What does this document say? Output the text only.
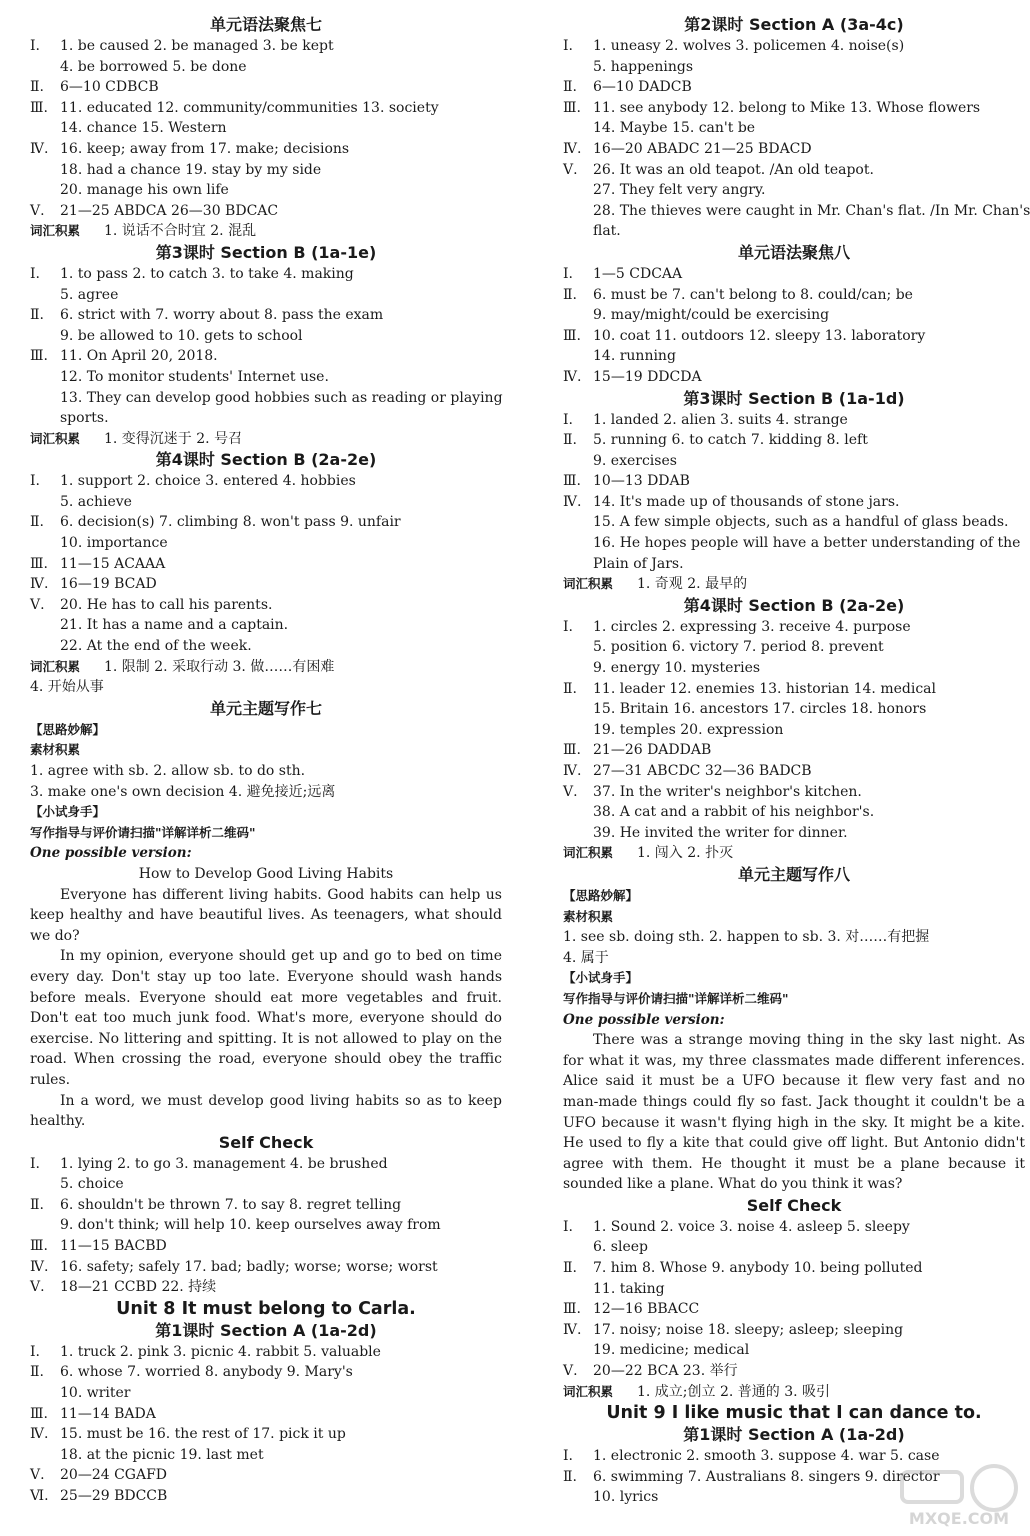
单元语法聚焦七
Ⅰ. 1. be caused 2. be managed 3. be kept
4. be borrowed 5. be done
Ⅱ. 6—10 CDBCB
Ⅲ. 11. educated 12. community/communities 13. society
14. chance 15. Western
Ⅳ. 16. keep; away from 17. make; decisions
18. had a chance 19. stay by my side
20. manage his own life
Ⅴ. 21—25 ABDCA 26—30 BDCAC
词汇积累 1. 说话不合时宜 2. 混乱
第3课时 Section B (1a-1e)
Ⅰ. 1. to pass 2. to catch 3. to take 4. making
5. agree
Ⅱ. 6. strict with 7. worry about 8. pass the exam
9. be allowed to 10. gets to school
Ⅲ. 11. On April 20, 2018.
12. To monitor students' Internet use.
13. They can develop good hobbies such as reading or playing
sports.
词汇积累 1. 变得沉迷于 2. 号召
第4课时 Section B (2a-2e)
Ⅰ. 1. support 2. choice 3. entered 4. hobbies
5. achieve
Ⅱ. 6. decision(s) 7. climbing 8. won't pass 9. unfair
10. importance
Ⅲ. 11—15 ACAAA
Ⅳ. 16—19 BCAD
Ⅴ. 20. He has to call his parents.
21. It has a name and a captain.
22. At the end of the week.
词汇积累 1. 限制 2. 采取行动 3. 做……有困难
4. 开始从事
单元主题写作七
【思路妙解】
素材积累
1. agree with sb. 2. allow sb. to do sth.
3. make one's own decision 4. 避免接近;远离
【小试身手】
写作指导与评价请扫描"详解详析二维码"
One possible version:
How to Develop Good Living Habits
Everyone has different living habits. Good habits can help us keep healthy and have beautiful lives. As teenagers, what should we do?
In my opinion, everyone should get up and go to bed on time every day. Don't stay up too late. Everyone should wash hands before meals. Everyone should eat more vegetables and fruit. Don't eat too much junk food. What's more, everyone should do exercise. No littering and spitting. It is not allowed to play on the road. When crossing the road, everyone should obey the traffic rules.
In a word, we must develop good living habits so as to keep healthy.
Self Check
Ⅰ. 1. lying 2. to go 3. management 4. be brushed
5. choice
Ⅱ. 6. shouldn't be thrown 7. to say 8. regret telling
9. don't think; will help 10. keep ourselves away from
Ⅲ. 11—15 BACBD
Ⅳ. 16. safety; safely 17. bad; badly; worse; worse; worst
Ⅴ. 18—21 CCBD 22. 持续
Unit 8 It must belong to Carla.
第1课时 Section A (1a-2d)
Ⅰ. 1. truck 2. pink 3. picnic 4. rabbit 5. valuable
Ⅱ. 6. whose 7. worried 8. anybody 9. Mary's
10. writer
Ⅲ. 11—14 BADA
Ⅳ. 15. must be 16. the rest of 17. pick it up
18. at the picnic 19. last met
Ⅴ. 20—24 CGAFD
Ⅵ. 25—29 BDCCB
第2课时 Section A (3a-4c)
Ⅰ. 1. uneasy 2. wolves 3. policemen 4. noise(s)
5. happenings
Ⅱ. 6—10 DADCB
Ⅲ. 11. see anybody 12. belong to Mike 13. Whose flowers
14. Maybe 15. can't be
Ⅳ. 16—20 ABADC 21—25 BDACD
Ⅴ. 26. It was an old teapot. /An old teapot.
27. They felt very angry.
28. The thieves were caught in Mr. Chan's flat. /In Mr. Chan's
flat.
单元语法聚焦八
Ⅰ. 1—5 CDCAA
Ⅱ. 6. must be 7. can't belong to 8. could/can; be
9. may/might/could be exercising
Ⅲ. 10. coat 11. outdoors 12. sleepy 13. laboratory
14. running
Ⅳ. 15—19 DDCDA
第3课时 Section B (1a-1d)
Ⅰ. 1. landed 2. alien 3. suits 4. strange
Ⅱ. 5. running 6. to catch 7. kidding 8. left
9. exercises
Ⅲ. 10—13 DDAB
Ⅳ. 14. It's made up of thousands of stone jars.
15. A few simple objects, such as a handful of glass beads.
16. He hopes people will have a better understanding of the
Plain of Jars.
词汇积累 1. 奇观 2. 最早的
第4课时 Section B (2a-2e)
Ⅰ. 1. circles 2. expressing 3. receive 4. purpose
5. position 6. victory 7. period 8. prevent
9. energy 10. mysteries
Ⅱ. 11. leader 12. enemies 13. historian 14. medical
15. Britain 16. ancestors 17. circles 18. honors
19. temples 20. expression
Ⅲ. 21—26 DADDAB
Ⅳ. 27—31 ABCDC 32—36 BADCB
Ⅴ. 37. In the writer's neighbor's kitchen.
38. A cat and a rabbit of his neighbor's.
39. He invited the writer for dinner.
词汇积累 1. 闯入 2. 扑灭
单元主题写作八
【思路妙解】
素材积累
1. see sb. doing sth. 2. happen to sb. 3. 对……有把握
4. 属于
【小试身手】
写作指导与评价请扫描"详解详析二维码"
One possible version:
There was a strange moving thing in the sky last night. As for what it was, my three classmates made different inferences. Alice said it must be a UFO because it flew very fast and no man-made things could fly so fast. Jack thought it couldn't be a UFO because it wasn't flying high in the sky. It might be a kite. He used to fly a kite that could give off light. But Antonio didn't agree with them. He thought it must be a plane because it sounded like a plane. What do you think it was?
Self Check
Ⅰ. 1. Sound 2. voice 3. noise 4. asleep 5. sleepy
6. sleep
Ⅱ. 7. him 8. Whose 9. anybody 10. being polluted
11. taking
Ⅲ. 12—16 BBACC
Ⅳ. 17. noisy; noise 18. sleepy; asleep; sleeping
19. medicine; medical
Ⅴ. 20—22 BCA 23. 举行
词汇积累 1. 成立;创立 2. 普通的 3. 吸引
Unit 9 I like music that I can dance to.
第1课时 Section A (1a-2d)
Ⅰ. 1. electronic 2. smooth 3. suppose 4. war 5. case
Ⅱ. 6. swimming 7. Australians 8. singers 9. director
10. lyrics
MXQE.COM
